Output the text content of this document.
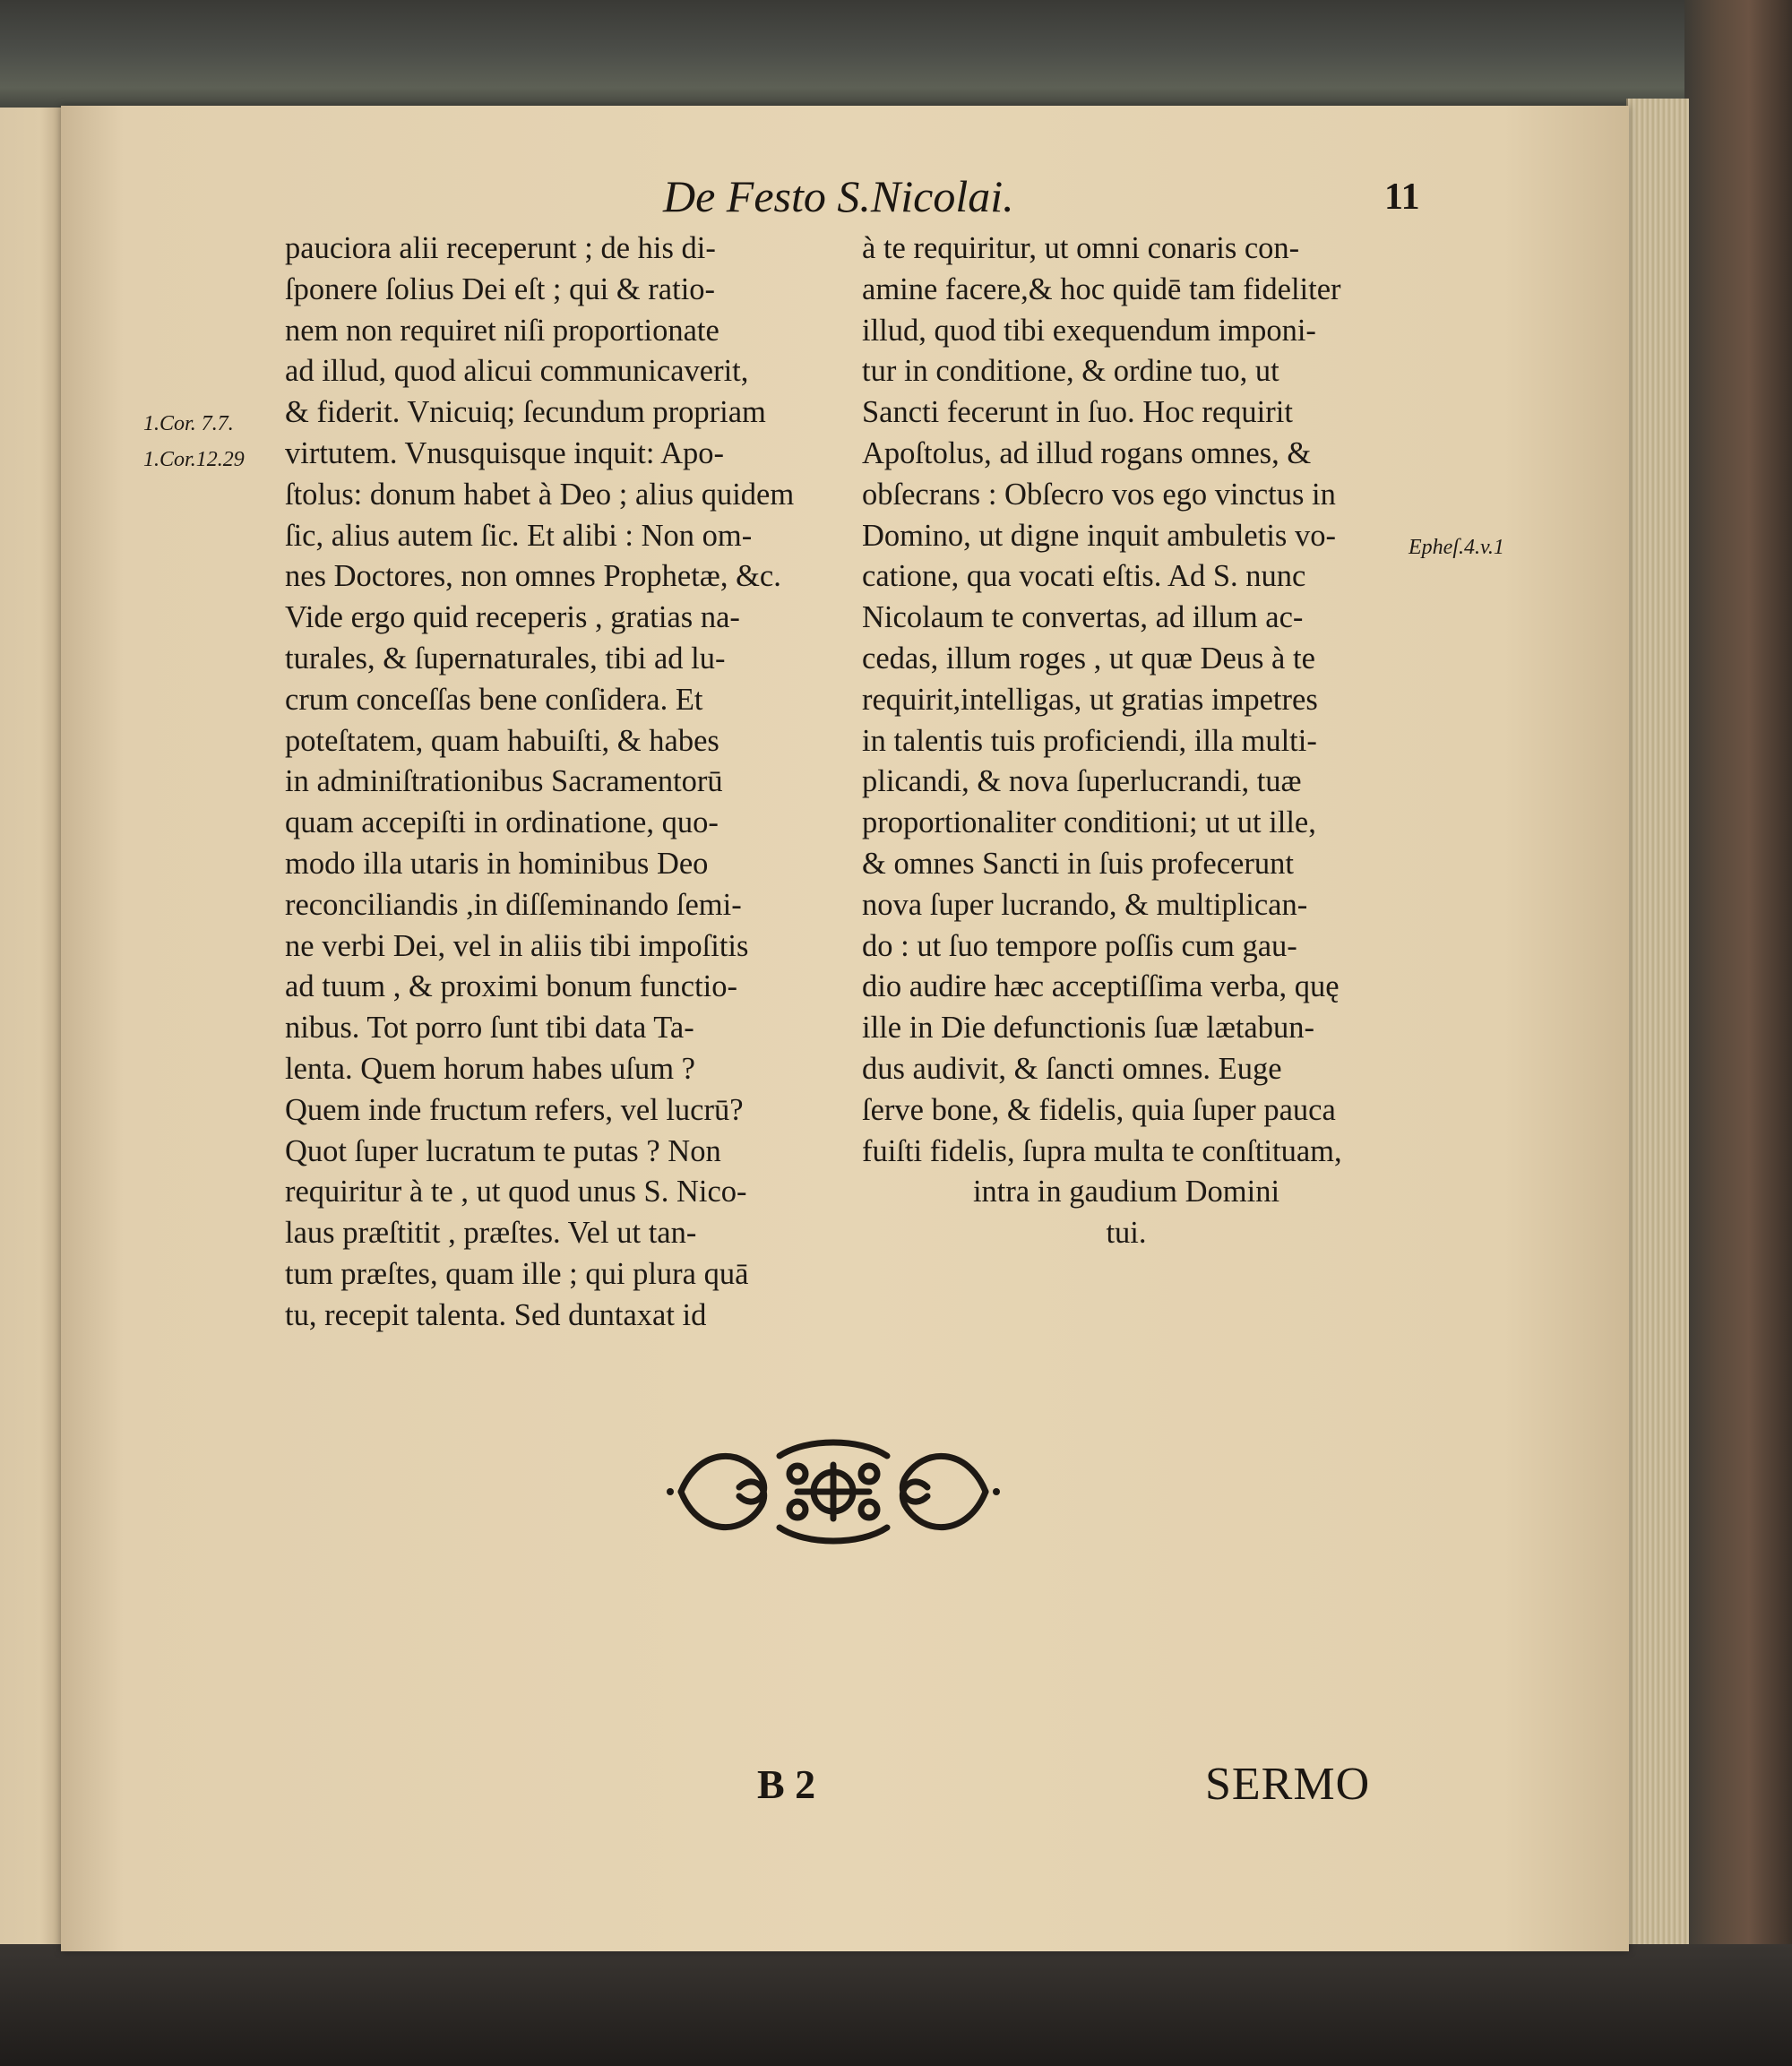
De Festo S.Nicolai.	11
pauciora alii receperunt ; de his di-
ſponere ſolius Dei eſt ; qui & ratio-
nem non requiret niſi proportionate
ad illud, quod alicui communicaverit,
& fiderit. Vnicuiq; ſecundum propriam
virtutem. Vnusquisque inquit: Apo-
ſtolus: donum habet à Deo ; alius quidem
ſic, alius autem ſic. Et alibi : Non om-
nes Doctores, non omnes Prophetæ, &c.
Vide ergo quid receperis , gratias na-
turales, & ſupernaturales, tibi ad lu-
crum conceſſas bene conſidera. Et
poteſtatem, quam habuiſti, & habes
in adminiſtrationibus Sacramentorū
quam accepiſti in ordinatione, quo-
modo illa utaris in hominibus Deo
reconciliandis ,in diſſeminando ſemi-
ne verbi Dei, vel in aliis tibi impoſitis
ad tuum , & proximi bonum functio-
nibus. Tot porro ſunt tibi data Ta-
lenta. Quem horum habes uſum ?
Quem inde fructum refers, vel lucrū?
Quot ſuper lucratum te putas ? Non
requiritur à te , ut quod unus S. Nico-
laus præſtitit , præſtes. Vel ut tan-
tum præſtes, quam ille ; qui plura quā
tu, recepit talenta. Sed duntaxat id
à te requiritur, ut omni conaris con-
amine facere,& hoc quidē tam fideliter
illud, quod tibi exequendum imponi-
tur in conditione, & ordine tuo, ut
Sancti fecerunt in ſuo. Hoc requirit
Apoſtolus, ad illud rogans omnes, &
obſecrans : Obſecro vos ego vinctus in
Domino, ut digne inquit ambuletis vo-
catione, qua vocati eſtis. Ad S. nunc
Nicolaum te convertas, ad illum ac-
cedas, illum roges , ut quæ Deus à te
requirit,intelligas, ut gratias impetres
in talentis tuis proficiendi, illa multi-
plicandi, & nova ſuperlucrandi, tuæ
proportionaliter conditioni; ut ut ille,
& omnes Sancti in ſuis profecerunt
nova ſuper lucrando, & multiplican-
do : ut ſuo tempore poſſis cum gau-
dio audire hæc acceptiſſima verba, quę
ille in Die defunctionis ſuæ lætabun-
dus audivit, & ſancti omnes. Euge
ſerve bone, & fidelis, quia ſuper pauca
fuiſti fidelis, ſupra multa te conſtituam,
intra in gaudium Domini
tui.
1.Cor. 7.7.
1.Cor.12.29
Epheſ.4.v.1
B 2	SERMO
